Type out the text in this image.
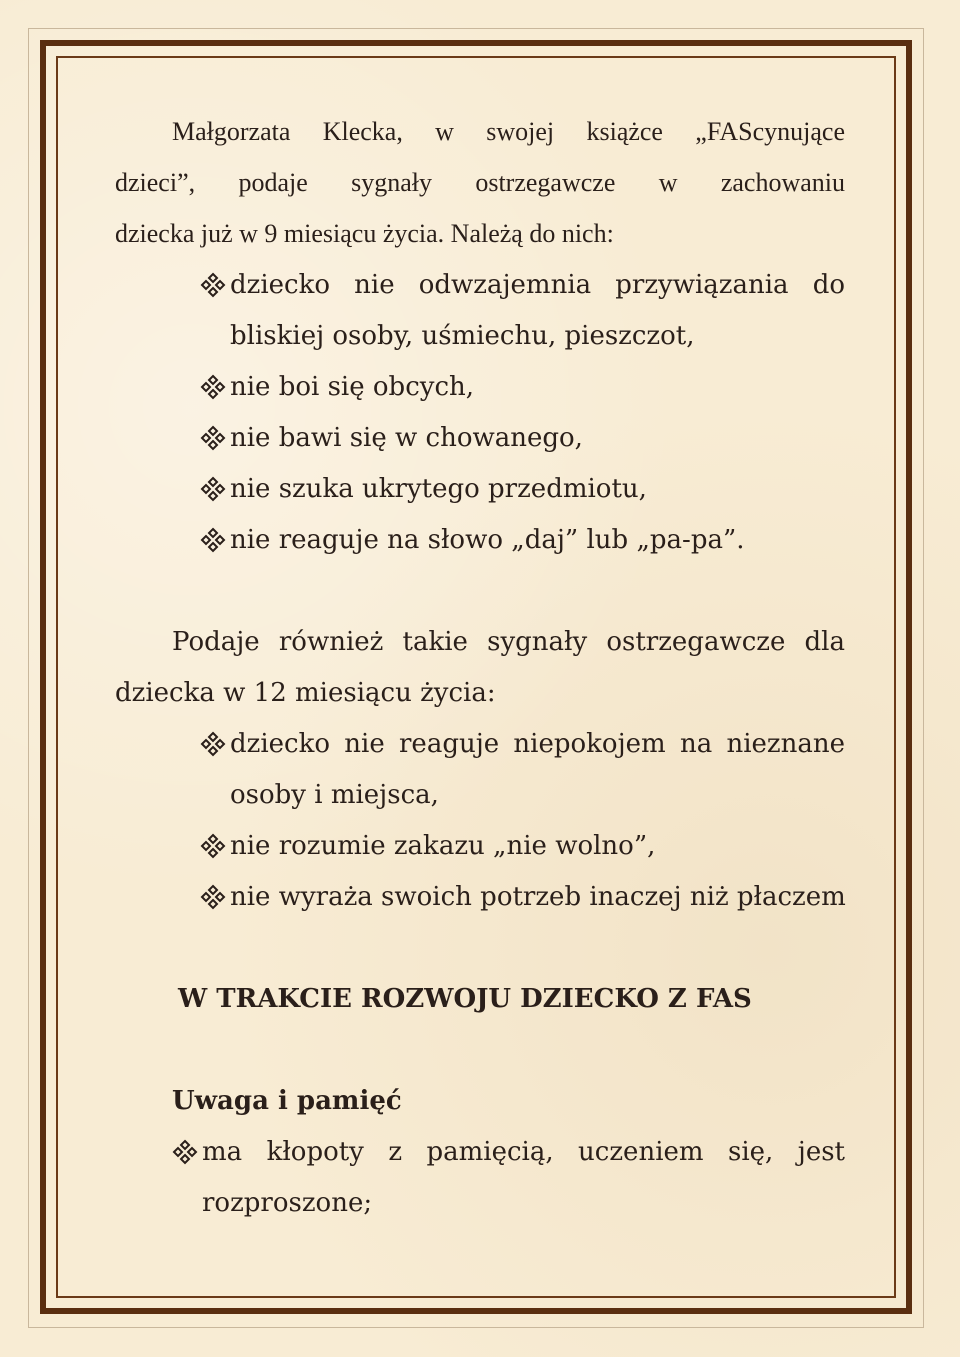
Małgorzata Klecka, w swojej książce „FAScynujące
dzieci”, podaje sygnały ostrzegawcze w zachowaniu
dziecka już w 9 miesiącu życia. Należą do nich:
dziecko nie odwzajemnia przywiązania do
bliskiej osoby, uśmiechu, pieszczot,
nie boi się obcych,
nie bawi się w chowanego,
nie szuka ukrytego przedmiotu,
nie reaguje na słowo „daj” lub „pa-pa”.
Podaje również takie sygnały ostrzegawcze dla
dziecka w 12 miesiącu życia:
dziecko nie reaguje niepokojem na nieznane
osoby i miejsca,
nie rozumie zakazu „nie wolno”,
nie wyraża swoich potrzeb inaczej niż płaczem
W TRAKCIE ROZWOJU DZIECKO Z FAS
Uwaga i pamięć
ma kłopoty z pamięcią, uczeniem się, jest
rozproszone;
